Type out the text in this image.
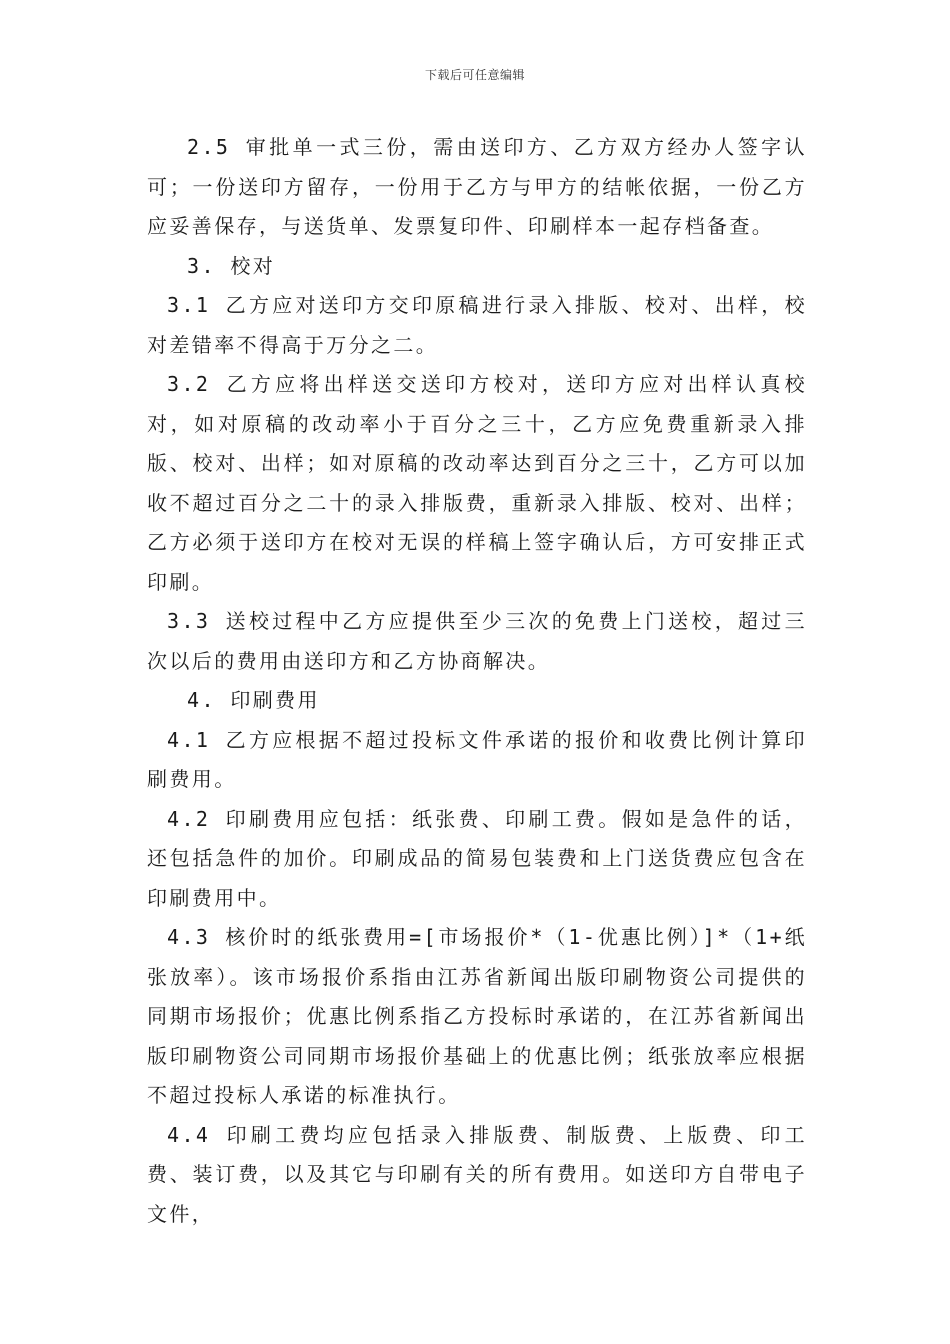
下载后可任意编辑

2.5 审批单一式三份，需由送印方、乙方双方经办人签字认可；一份送印方留存，一份用于乙方与甲方的结帐依据，一份乙方应妥善保存，与送货单、发票复印件、印刷样本一起存档备查。

3. 校对

3.1 乙方应对送印方交印原稿进行录入排版、校对、出样，校对差错率不得高于万分之二。

3.2 乙方应将出样送交送印方校对，送印方应对出样认真校对，如对原稿的改动率小于百分之三十，乙方应免费重新录入排版、校对、出样；如对原稿的改动率达到百分之三十，乙方可以加收不超过百分之二十的录入排版费，重新录入排版、校对、出样；乙方必须于送印方在校对无误的样稿上签字确认后，方可安排正式印刷。

3.3 送校过程中乙方应提供至少三次的免费上门送校，超过三次以后的费用由送印方和乙方协商解决。

4. 印刷费用

4.1 乙方应根据不超过投标文件承诺的报价和收费比例计算印刷费用。

4.2 印刷费用应包括：纸张费、印刷工费。假如是急件的话，还包括急件的加价。印刷成品的简易包装费和上门送货费应包含在印刷费用中。

4.3 核价时的纸张费用=[市场报价*（1-优惠比例）]*（1+纸张放率）。该市场报价系指由江苏省新闻出版印刷物资公司提供的同期市场报价；优惠比例系指乙方投标时承诺的，在江苏省新闻出版印刷物资公司同期市场报价基础上的优惠比例；纸张放率应根据不超过投标人承诺的标准执行。

4.4 印刷工费均应包括录入排版费、制版费、上版费、印工费、装订费，以及其它与印刷有关的所有费用。如送印方自带电子文件，
